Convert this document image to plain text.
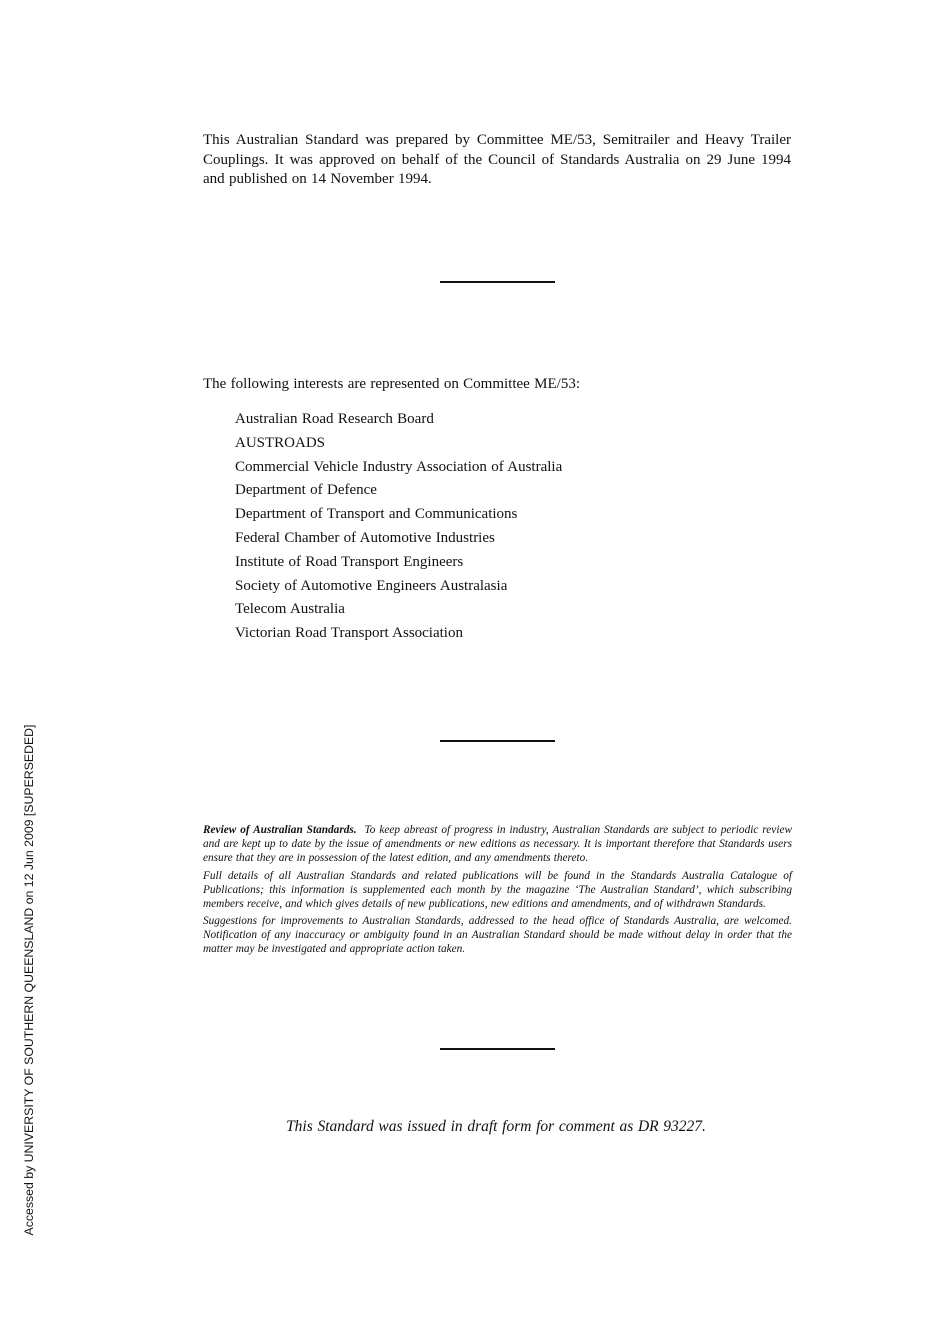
This Australian Standard was prepared by Committee ME/53, Semitrailer and Heavy Trailer Couplings. It was approved on behalf of the Council of Standards Australia on 29 June 1994 and published on 14 November 1994.
The following interests are represented on Committee ME/53:
Australian Road Research Board
AUSTROADS
Commercial Vehicle Industry Association of Australia
Department of Defence
Department of Transport and Communications
Federal Chamber of Automotive Industries
Institute of Road Transport Engineers
Society of Automotive Engineers Australasia
Telecom Australia
Victorian Road Transport Association

Review of Australian Standards. To keep abreast of progress in industry, Australian Standards are subject to periodic review and are kept up to date by the issue of amendments or new editions as necessary. It is important therefore that Standards users ensure that they are in possession of the latest edition, and any amendments thereto.

Full details of all Australian Standards and related publications will be found in the Standards Australia Catalogue of Publications; this information is supplemented each month by the magazine ‘The Australian Standard’, which subscribing members receive, and which gives details of new publications, new editions and amendments, and of withdrawn Standards.

Suggestions for improvements to Australian Standards, addressed to the head office of Standards Australia, are welcomed. Notification of any inaccuracy or ambiguity found in an Australian Standard should be made without delay in order that the matter may be investigated and appropriate action taken.

This Standard was issued in draft form for comment as DR 93227.
Accessed by UNIVERSITY OF SOUTHERN QUEENSLAND on 12 Jun 2009 [SUPERSEDED]
